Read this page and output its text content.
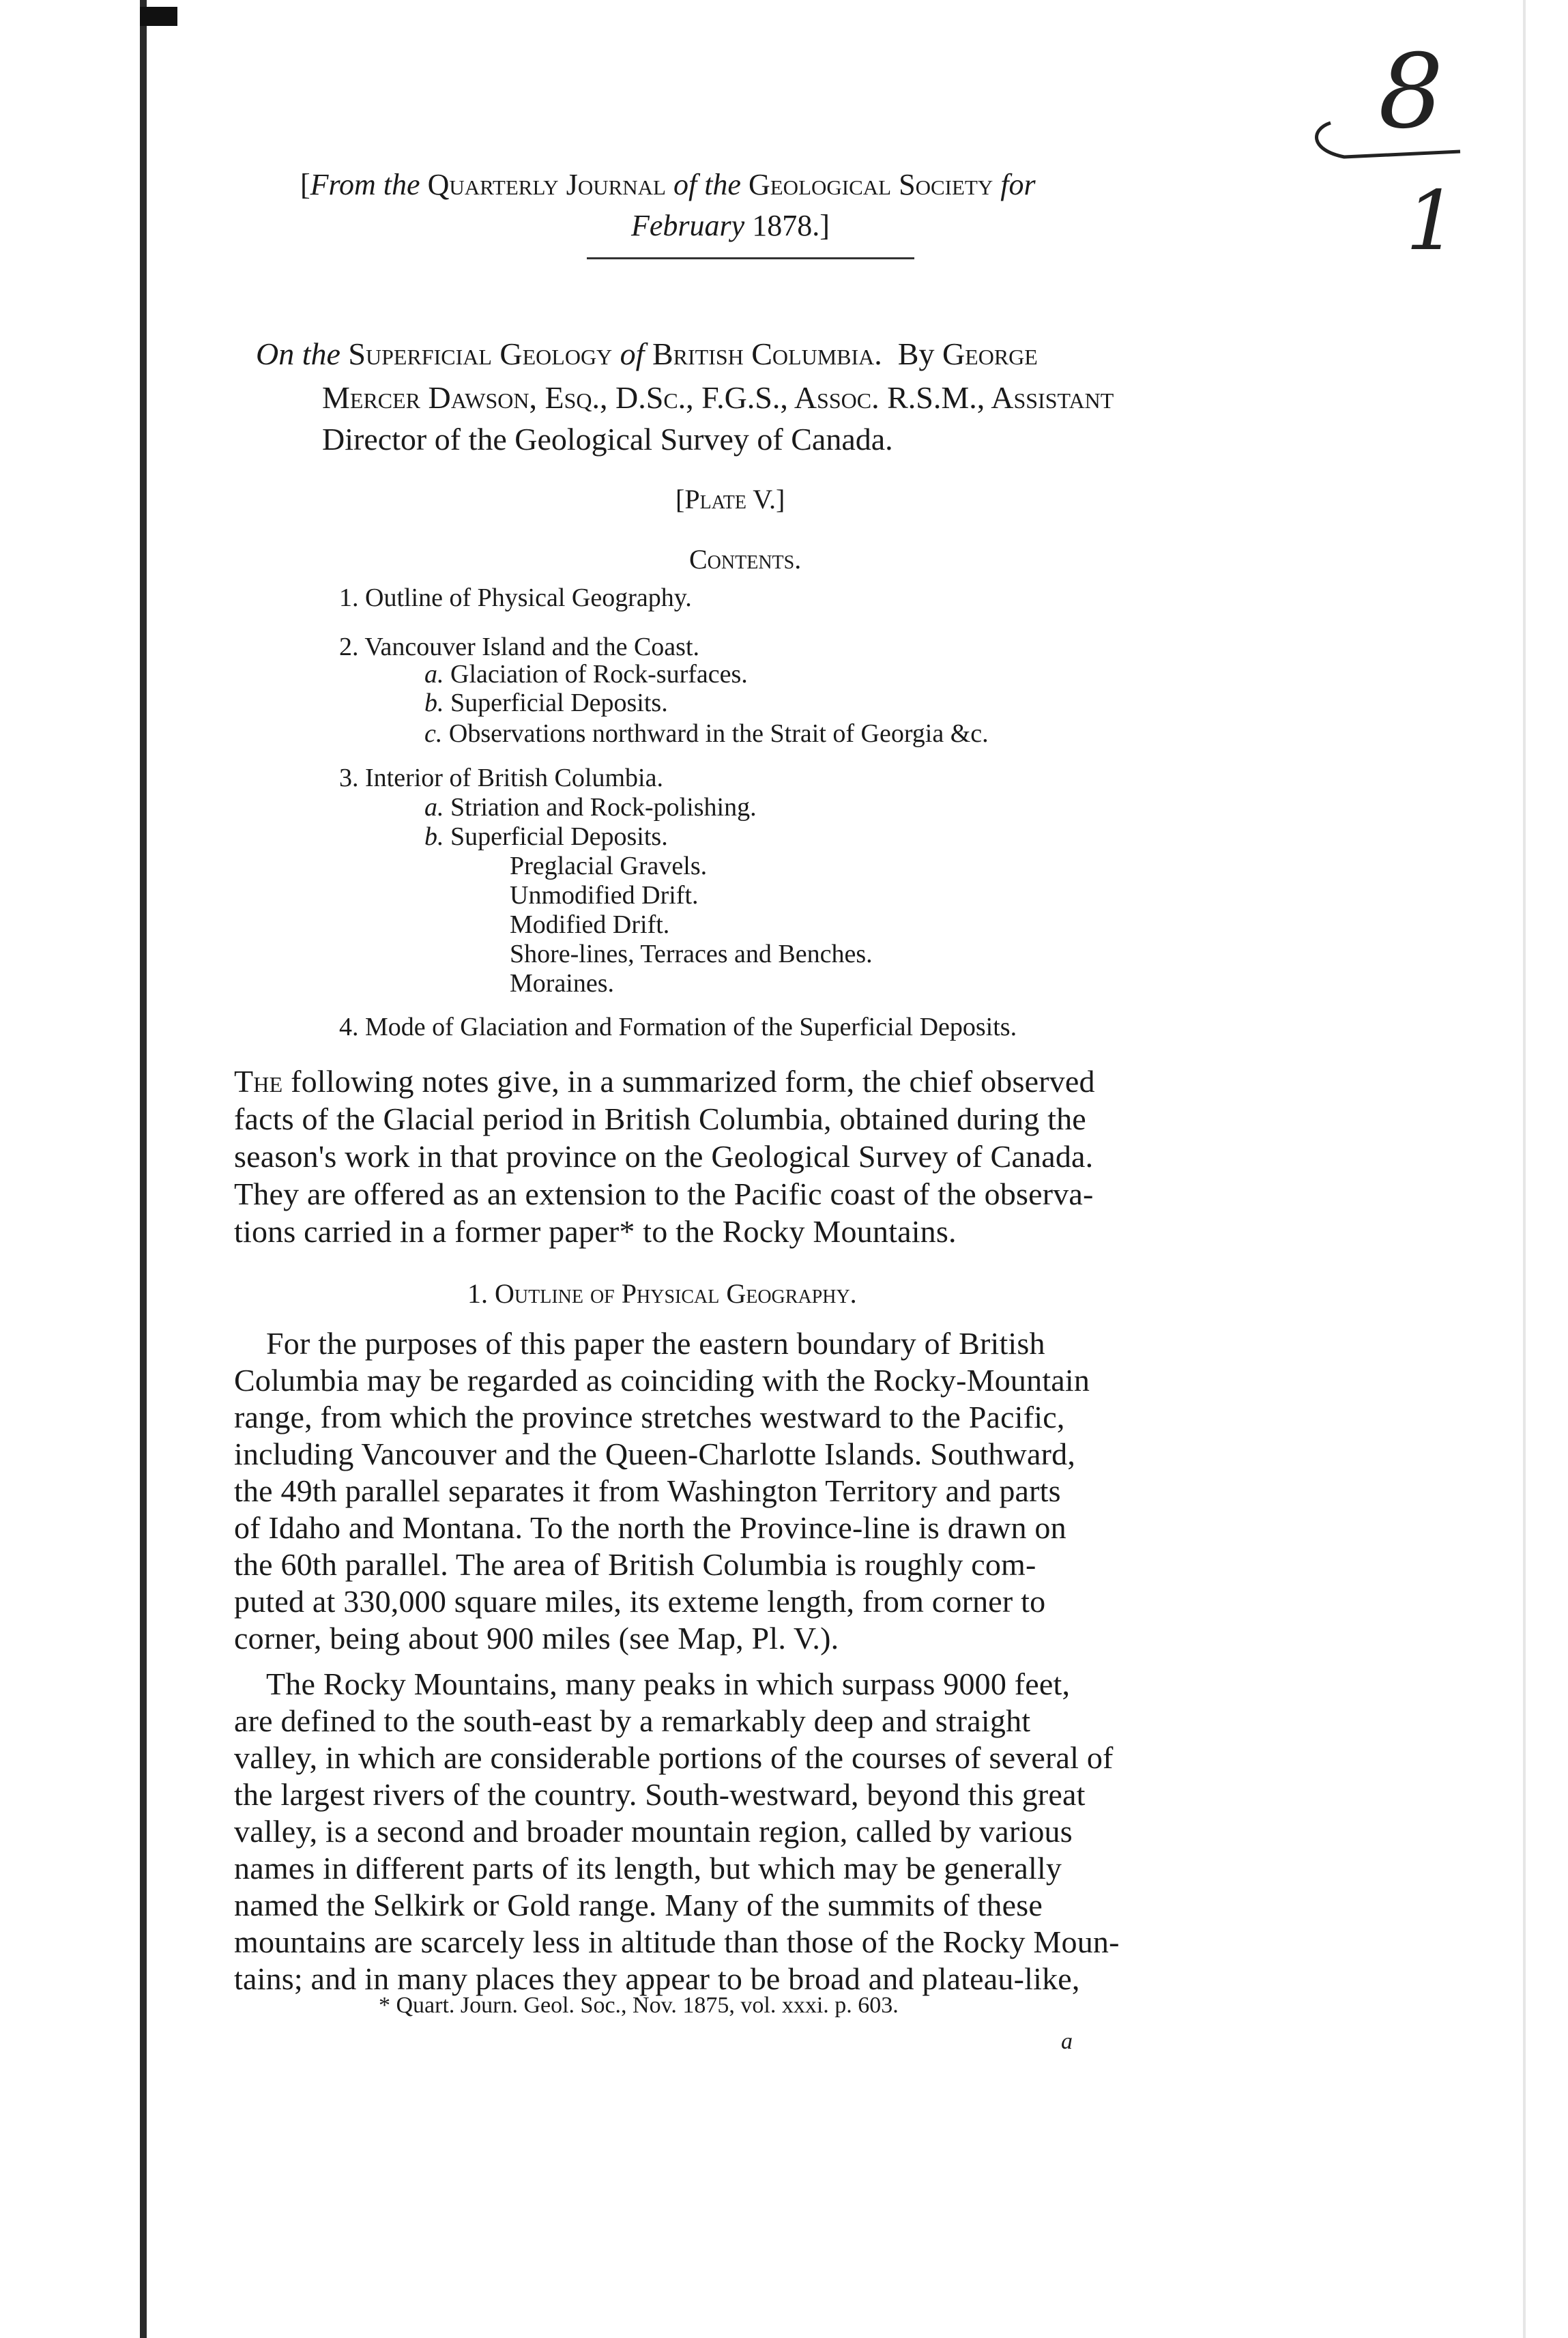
8
1
[From the Quarterly Journal of the Geological Society for
February 1878.]
On the Superficial Geology of British Columbia. By George
Mercer Dawson, Esq., D.Sc., F.G.S., Assoc. R.S.M., Assistant
Director of the Geological Survey of Canada.
[Plate V.]
Contents.
1. Outline of Physical Geography.
2. Vancouver Island and the Coast.
a. Glaciation of Rock-surfaces.
b. Superficial Deposits.
c. Observations northward in the Strait of Georgia &c.
3. Interior of British Columbia.
a. Striation and Rock-polishing.
b. Superficial Deposits.
Preglacial Gravels.
Unmodified Drift.
Modified Drift.
Shore-lines, Terraces and Benches.
Moraines.
4. Mode of Glaciation and Formation of the Superficial Deposits.
The following notes give, in a summarized form, the chief observed
facts of the Glacial period in British Columbia, obtained during the
season's work in that province on the Geological Survey of Canada.
They are offered as an extension to the Pacific coast of the observa-
tions carried in a former paper* to the Rocky Mountains.
1. Outline of Physical Geography.
For the purposes of this paper the eastern boundary of British
Columbia may be regarded as coinciding with the Rocky-Mountain
range, from which the province stretches westward to the Pacific,
including Vancouver and the Queen-Charlotte Islands. Southward,
the 49th parallel separates it from Washington Territory and parts
of Idaho and Montana. To the north the Province-line is drawn on
the 60th parallel. The area of British Columbia is roughly com-
puted at 330,000 square miles, its exteme length, from corner to
corner, being about 900 miles (see Map, Pl. V.).
The Rocky Mountains, many peaks in which surpass 9000 feet,
are defined to the south-east by a remarkably deep and straight
valley, in which are considerable portions of the courses of several of
the largest rivers of the country. South-westward, beyond this great
valley, is a second and broader mountain region, called by various
names in different parts of its length, but which may be generally
named the Selkirk or Gold range. Many of the summits of these
mountains are scarcely less in altitude than those of the Rocky Moun-
tains; and in many places they appear to be broad and plateau-like,
* Quart. Journ. Geol. Soc., Nov. 1875, vol. xxxi. p. 603.
a
